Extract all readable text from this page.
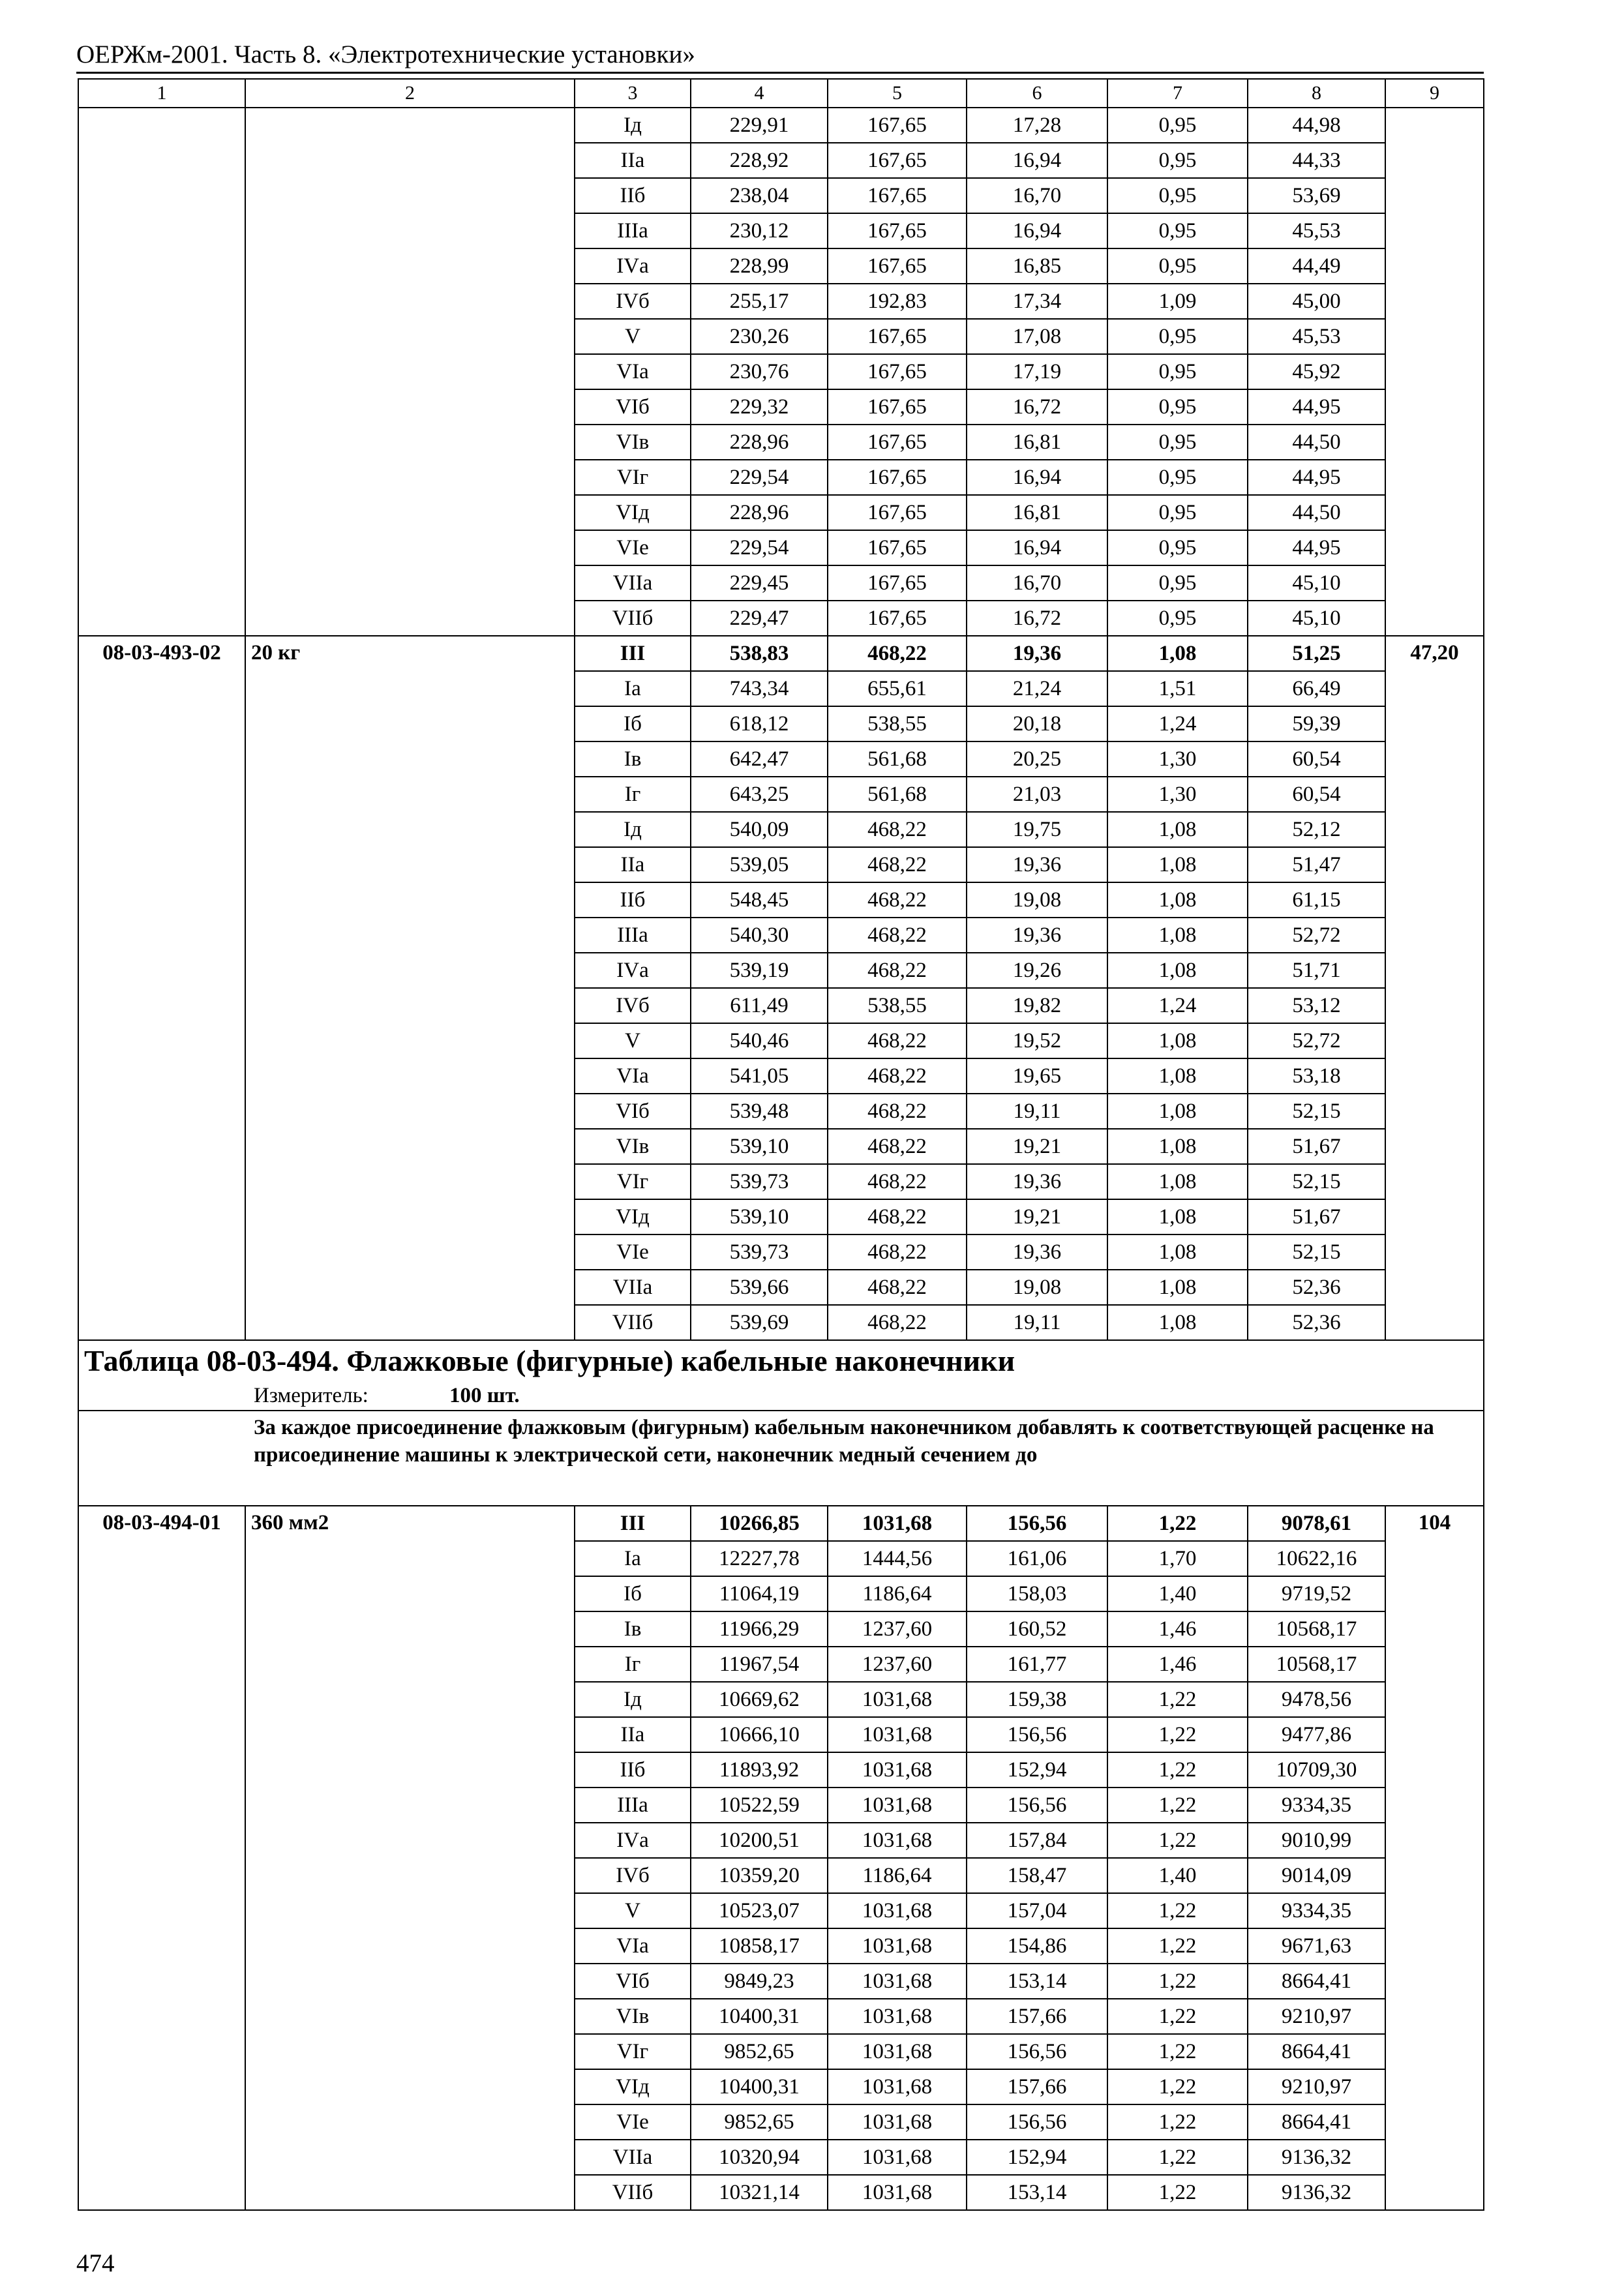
ОЕРЖм-2001. Часть 8. «Электротехнические установки»
1	2	3	4	5	6	7	8	9
		Iд	229,91	167,65	17,28	0,95	44,98	
		IIа	228,92	167,65	16,94	0,95	44,33	
		IIб	238,04	167,65	16,70	0,95	53,69	
		IIIа	230,12	167,65	16,94	0,95	45,53	
		IVа	228,99	167,65	16,85	0,95	44,49	
		IVб	255,17	192,83	17,34	1,09	45,00	
		V	230,26	167,65	17,08	0,95	45,53	
		VIа	230,76	167,65	17,19	0,95	45,92	
		VIб	229,32	167,65	16,72	0,95	44,95	
		VIв	228,96	167,65	16,81	0,95	44,50	
		VIг	229,54	167,65	16,94	0,95	44,95	
		VIд	228,96	167,65	16,81	0,95	44,50	
		VIе	229,54	167,65	16,94	0,95	44,95	
		VIIа	229,45	167,65	16,70	0,95	45,10	
		VIIб	229,47	167,65	16,72	0,95	45,10	
08-03-493-02	20 кг	III	538,83	468,22	19,36	1,08	51,25	47,20
		Iа	743,34	655,61	21,24	1,51	66,49	
		Iб	618,12	538,55	20,18	1,24	59,39	
		Iв	642,47	561,68	20,25	1,30	60,54	
		Iг	643,25	561,68	21,03	1,30	60,54	
		Iд	540,09	468,22	19,75	1,08	52,12	
		IIа	539,05	468,22	19,36	1,08	51,47	
		IIб	548,45	468,22	19,08	1,08	61,15	
		IIIа	540,30	468,22	19,36	1,08	52,72	
		IVа	539,19	468,22	19,26	1,08	51,71	
		IVб	611,49	538,55	19,82	1,24	53,12	
		V	540,46	468,22	19,52	1,08	52,72	
		VIа	541,05	468,22	19,65	1,08	53,18	
		VIб	539,48	468,22	19,11	1,08	52,15	
		VIв	539,10	468,22	19,21	1,08	51,67	
		VIг	539,73	468,22	19,36	1,08	52,15	
		VIд	539,10	468,22	19,21	1,08	51,67	
		VIе	539,73	468,22	19,36	1,08	52,15	
		VIIа	539,66	468,22	19,08	1,08	52,36	
		VIIб	539,69	468,22	19,11	1,08	52,36	
Таблица 08-03-494. Флажковые (фигурные) кабельные наконечники								
Измеритель: 100 шт.								
За каждое присоединение флажковым (фигурным) кабельным наконечником добавлять к соответствующей расценке на присоединение машины к электрической сети, наконечник медный сечением до								
08-03-494-01	360 мм2	III	10266,85	1031,68	156,56	1,22	9078,61	104
		Iа	12227,78	1444,56	161,06	1,70	10622,16	
		Iб	11064,19	1186,64	158,03	1,40	9719,52	
		Iв	11966,29	1237,60	160,52	1,46	10568,17	
		Iг	11967,54	1237,60	161,77	1,46	10568,17	
		Iд	10669,62	1031,68	159,38	1,22	9478,56	
		IIа	10666,10	1031,68	156,56	1,22	9477,86	
		IIб	11893,92	1031,68	152,94	1,22	10709,30	
		IIIа	10522,59	1031,68	156,56	1,22	9334,35	
		IVа	10200,51	1031,68	157,84	1,22	9010,99	
		IVб	10359,20	1186,64	158,47	1,40	9014,09	
		V	10523,07	1031,68	157,04	1,22	9334,35	
		VIа	10858,17	1031,68	154,86	1,22	9671,63	
		VIб	9849,23	1031,68	153,14	1,22	8664,41	
		VIв	10400,31	1031,68	157,66	1,22	9210,97	
		VIг	9852,65	1031,68	156,56	1,22	8664,41	
		VIд	10400,31	1031,68	157,66	1,22	9210,97	
		VIе	9852,65	1031,68	156,56	1,22	8664,41	
		VIIа	10320,94	1031,68	152,94	1,22	9136,32	
		VIIб	10321,14	1031,68	153,14	1,22	9136,32	
474
